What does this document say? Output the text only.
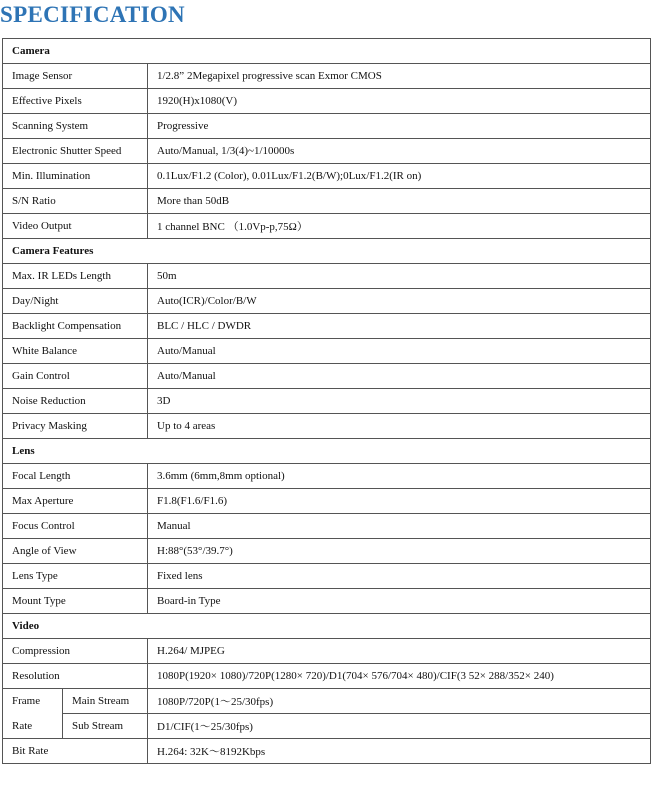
SPECIFICATION
Camera		
Image Sensor		1/2.8” 2Megapixel progressive scan Exmor CMOS
Effective Pixels		1920(H)x1080(V)
Scanning System		Progressive
Electronic Shutter Speed		Auto/Manual, 1/3(4)~1/10000s
Min. Illumination		0.1Lux/F1.2 (Color), 0.01Lux/F1.2(B/W);0Lux/F1.2(IR on)
S/N Ratio		More than 50dB
Video Output		1 channel BNC （1.0Vp-p,75Ω）
Camera Features		
Max. IR LEDs Length		50m
Day/Night		Auto(ICR)/Color/B/W
Backlight Compensation		BLC / HLC / DWDR
White Balance		Auto/Manual
Gain Control		Auto/Manual
Noise Reduction		3D
Privacy Masking		Up to 4 areas
Lens		
Focal Length		3.6mm (6mm,8mm optional)
Max Aperture		F1.8(F1.6/F1.6)
Focus Control		Manual
Angle of View		H:88°(53°/39.7°)
Lens Type		Fixed lens
Mount Type		Board-in Type
Video		
Compression		H.264/ MJPEG
Resolution		1080P(1920× 1080)/720P(1280× 720)/D1(704× 576/704× 480)/CIF(3 52× 288/352× 240)
Frame	Main Stream	1080P/720P(1～25/30fps)
Rate	Sub Stream	D1/CIF(1～25/30fps)
Bit Rate		H.264: 32K～8192Kbps
